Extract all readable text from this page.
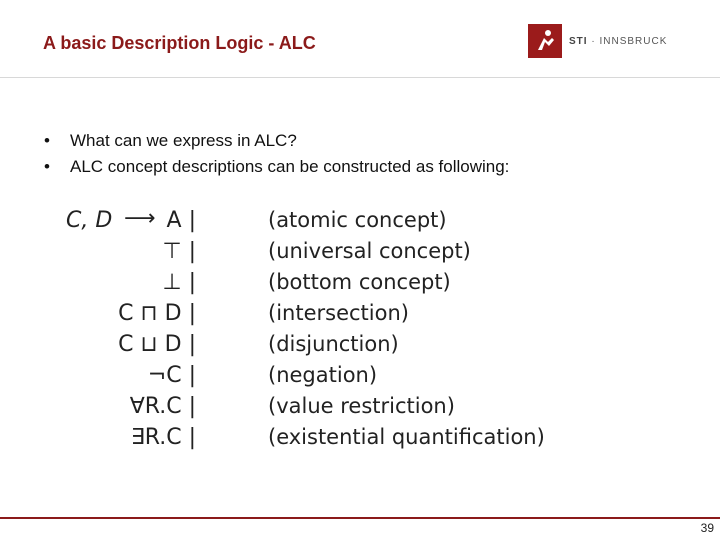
A basic Description Logic - ALC	STI · INNSBRUCK
•	What can we express in ALC?
•	ALC concept descriptions can be constructed as following:
C, D ⟶ A |	(atomic concept)
⊤ |	(universal concept)
⊥ |	(bottom concept)
C ⊓ D |	(intersection)
C ⊔ D |	(disjunction)
¬C |	(negation)
∀R.C |	(value restriction)
∃R.C |	(existential quantification)
39
